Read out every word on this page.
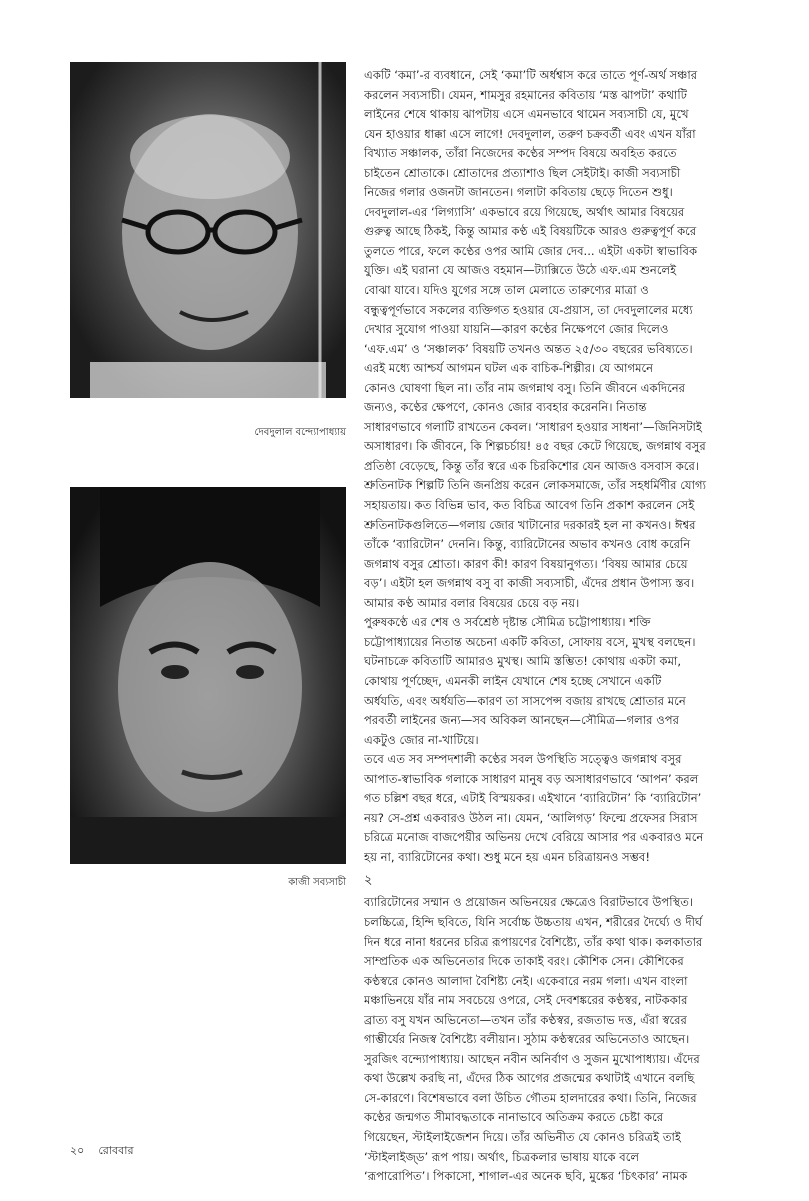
দেবদুলাল বন্দ্যোপাধ্যায়
কাজী সব্যসাচী
একটি ‘কমা’-র ব্যবধানে, সেই ‘কমা’টি অর্ধশ্বাস করে তাতে পূর্ণ-অর্থ সঞ্চার
করলেন সব্যসাচী। যেমন, শামসুর রহমানের কবিতায় ‘মস্ত ঝাপটা’ কথাটি
লাইনের শেষে থাকায় ঝাপটায় এসে এমনভাবে থামেন সব্যসাচী যে, মুখে
যেন হাওয়ার ধাক্কা এসে লাগে! দেবদুলাল, তরুণ চক্রবর্তী এবং এখন যাঁরা
বিখ্যাত সঞ্চালক, তাঁরা নিজেদের কণ্ঠের সম্পদ বিষয়ে অবহিত করতে
চাইতেন শ্রোতাকে। শ্রোতাদের প্রত্যাশাও ছিল সেইটাই। কাজী সব্যসাচী
নিজের গলার ওজনটা জানতেন। গলাটা কবিতায় ছেড়ে দিতেন শুধু।
দেবদুলাল-এর ‘লিগ্যাসি’ একভাবে রয়ে গিয়েছে, অর্থাৎ আমার বিষয়ের
গুরুত্ব আছে ঠিকই, কিন্তু আমার কণ্ঠ এই বিষয়টিকে আরও গুরুত্বপূর্ণ করে
তুলতে পারে, ফলে কণ্ঠের ওপর আমি জোর দেব... এইটা একটা স্বাভাবিক
যুক্তি। এই ঘরানা যে আজও বহমান—ট্যাক্সিতে উঠে এফ.এম শুনলেই
বোঝা যাবে। যদিও যুগের সঙ্গে তাল মেলাতে তারুণ্যের মাত্রা ও
বন্ধুত্বপূর্ণভাবে সকলের ব্যক্তিগত হওয়ার যে-প্রয়াস, তা দেবদুলালের মধ্যে
দেখার সুযোগ পাওয়া যায়নি—কারণ কণ্ঠের নিক্ষেপণে জোর দিলেও
‘এফ.এম’ ও ‘সঞ্চালক’ বিষয়টি তখনও অন্তত ২৫/৩০ বছরের ভবিষ্যতে।
এরই মধ্যে আশ্চর্য আগমন ঘটল এক বাচিক-শিল্পীর। যে আগমনে
কোনও ঘোষণা ছিল না। তাঁর নাম জগন্নাথ বসু। তিনি জীবনে একদিনের
জন্যও, কণ্ঠের ক্ষেপণে, কোনও জোর ব্যবহার করেননি। নিতান্ত
সাধারণভাবে গলাটি রাখতেন কেবল। ‘সাধারণ হওয়ার সাধনা’—জিনিসটাই
অসাধারণ। কি জীবনে, কি শিল্পচর্চায়! ৪৫ বছর কেটে গিয়েছে, জগন্নাথ বসুর
প্রতিষ্ঠা বেড়েছে, কিন্তু তাঁর স্বরে এক চিরকিশোর যেন আজও বসবাস করে।
শ্রুতিনাটক শিল্পটি তিনি জনপ্রিয় করেন লোকসমাজে, তাঁর সহধর্মিণীর যোগ্য
সহায়তায়। কত বিভিন্ন ভাব, কত বিচিত্র আবেগ তিনি প্রকাশ করলেন সেই
শ্রুতিনাটকগুলিতে—গলায় জোর খাটানোর দরকারই হল না কখনও। ঈশ্বর
তাঁকে ‘ব্যারিটোন’ দেননি। কিন্তু, ব্যারিটোনের অভাব কখনও বোধ করেনি
জগন্নাথ বসুর শ্রোতা। কারণ কী! কারণ বিষয়ানুগত্য। ‘বিষয় আমার চেয়ে
বড়’। এইটা হল জগন্নাথ বসু বা কাজী সব্যসাচী, এঁদের প্রধান উপাস্য স্তব।
আমার কণ্ঠ আমার বলার বিষয়ের চেয়ে বড় নয়।
পুরুষকণ্ঠে এর শেষ ও সর্বশ্রেষ্ঠ দৃষ্টান্ত সৌমিত্র চট্টোপাধ্যায়। শক্তি
চট্টোপাধ্যায়ের নিতান্ত অচেনা একটি কবিতা, সোফায় বসে, মুখস্থ বলছেন।
ঘটনাচক্রে কবিতাটি আমারও মুখস্থ। আমি স্তম্ভিত! কোথায় একটা কমা,
কোথায় পূর্ণচ্ছেদ, এমনকী লাইন যেখানে শেষ হচ্ছে সেখানে একটি
অর্ধযতি, এবং অর্ধযতি—কারণ তা সাসপেন্স বজায় রাখছে শ্রোতার মনে
পরবর্তী লাইনের জন্য—সব অবিকল আনছেন—সৌমিত্র—গলার ওপর
একটুও জোর না-খাটিয়ে।
তবে এত সব সম্পদশালী কণ্ঠের সবল উপস্থিতি সত্ত্বেও জগন্নাথ বসুর
আপাত-স্বাভাবিক গলাকে সাধারণ মানুষ বড় অসাধারণভাবে ‘আপন’ করল
গত চল্লিশ বছর ধরে, এটাই বিস্ময়কর। এইখানে ‘ব্যারিটোন’ কি ‘ব্যারিটোন’
নয়? সে-প্রশ্ন একবারও উঠল না। যেমন, ‘আলিগড়’ ফিল্মে প্রফেসর সিরাস
চরিত্রে মনোজ বাজপেয়ীর অভিনয় দেখে বেরিয়ে আসার পর একবারও মনে
হয় না, ব্যারিটোনের কথা। শুধু মনে হয় এমন চরিত্রায়নও সম্ভব!
২
ব্যারিটোনের সম্মান ও প্রয়োজন অভিনয়ের ক্ষেত্রেও বিরাটভাবে উপস্থিত।
চলচ্চিত্রে, হিন্দি ছবিতে, যিনি সর্বোচ্চ উচ্চতায় এখন, শরীরের দৈর্ঘ্যে ও দীর্ঘ
দিন ধরে নানা ধরনের চরিত্র রূপায়ণের বৈশিষ্ট্যে, তাঁর কথা থাক। কলকাতার
সাম্প্রতিক এক অভিনেতার দিকে তাকাই বরং। কৌশিক সেন। কৌশিকের
কণ্ঠস্বরে কোনও আলাদা বৈশিষ্ট্য নেই। একেবারে নরম গলা। এখন বাংলা
মঞ্চাভিনয়ে যাঁর নাম সবচেয়ে ওপরে, সেই দেবশঙ্করের কণ্ঠস্বর, নাটককার
ব্রাত্য বসু যখন অভিনেতা—তখন তাঁর কণ্ঠস্বর, রজতাভ দত্ত, এঁরা স্বরের
গাম্ভীর্যের নিজস্ব বৈশিষ্ট্যে বলীয়ান। সুঠাম কণ্ঠস্বরের অভিনেতাও আছেন।
সুরজিৎ বন্দ্যোপাধ্যায়। আছেন নবীন অনির্বাণ ও সুজন মুখোপাধ্যায়। এঁদের
কথা উল্লেখ করছি না, এঁদের ঠিক আগের প্রজন্মের কথাটাই এখানে বলছি
সে-কারণে। বিশেষভাবে বলা উচিত গৌতম হালদারের কথা। তিনি, নিজের
কণ্ঠের জন্মগত সীমাবদ্ধতাকে নানাভাবে অতিক্রম করতে চেষ্টা করে
গিয়েছেন, স্টাইলাইজেশন দিয়ে। তাঁর অভিনীত যে কোনও চরিত্রই তাই
‘স্টাইলাইজ্‌ড’ রূপ পায়। অর্থাৎ, চিত্রকলার ভাষায় যাকে বলে
‘রূপারোপিত’। পিকাসো, শাগাল-এর অনেক ছবি, মুঙ্কের ‘চিৎকার’ নামক
২০ রোববার
